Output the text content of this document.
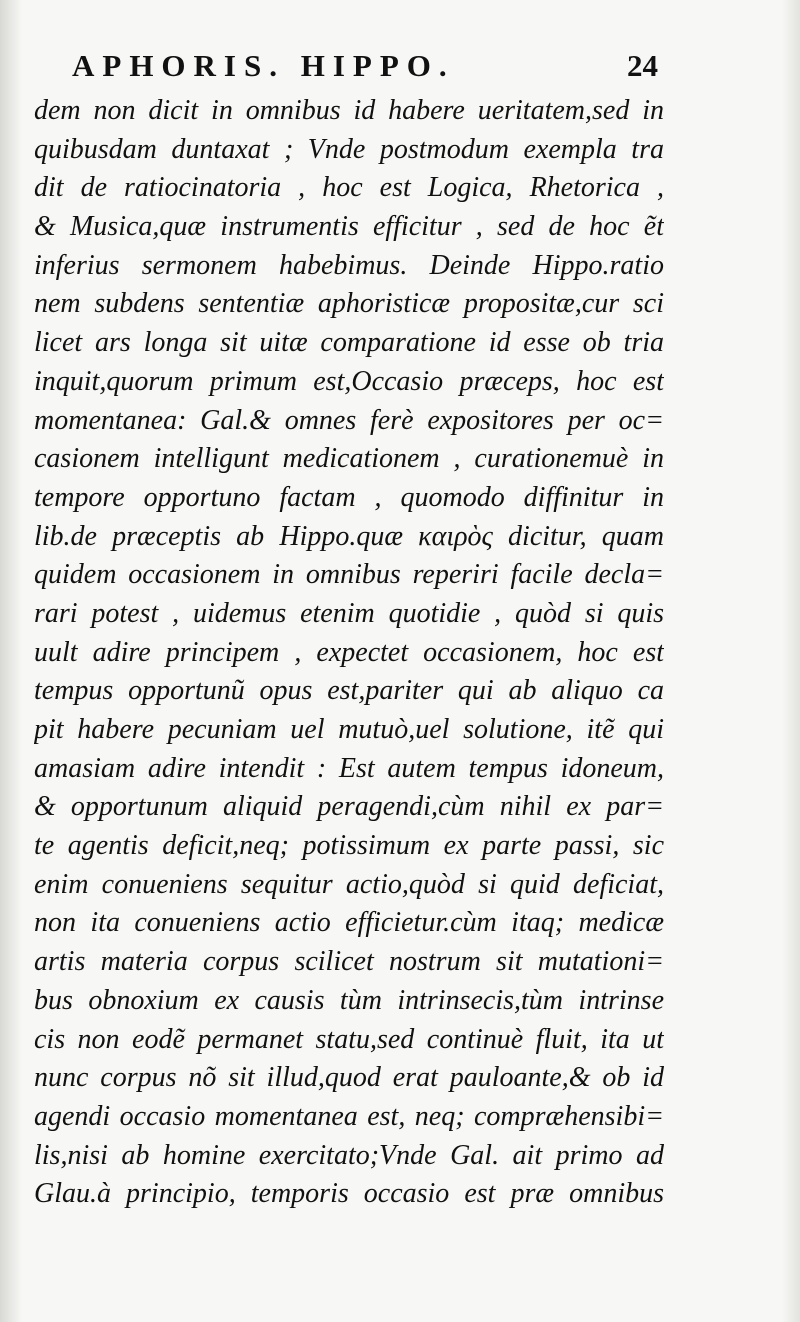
APHORIS. HIPPO.	24
dem non dicit in omnibus id habere ueritatem,sed in
quibusdam duntaxat ; Vnde postmodum exempla tra
dit de ratiocinatoria , hoc est Logica, Rhetorica ,
& Musica,quæ instrumentis efficitur , sed de hoc ẽt
inferius sermonem habebimus. Deinde Hippo.ratio
nem subdens sententiæ aphoristicæ propositæ,cur sci
licet ars longa sit uitæ comparatione id esse ob tria
inquit,quorum primum est,Occasio præceps, hoc est
momentanea: Gal.& omnes ferè expositores per oc=
casionem intelligunt medicationem , curationemuè in
tempore opportuno factam , quomodo diffinitur in
lib.de præceptis ab Hippo.quæ καιρὸς dicitur, quam
quidem occasionem in omnibus reperiri facile decla=
rari potest , uidemus etenim quotidie , quòd si quis
uult adire principem , expectet occasionem, hoc est
tempus opportunũ opus est,pariter qui ab aliquo ca
pit habere pecuniam uel mutuò,uel solutione, itẽ qui
amasiam adire intendit : Est autem tempus idoneum,
& opportunum aliquid peragendi,cùm nihil ex par=
te agentis deficit,neq; potissimum ex parte passi, sic
enim conueniens sequitur actio,quòd si quid deficiat,
non ita conueniens actio efficietur.cùm itaq; medicæ
artis materia corpus scilicet nostrum sit mutationi=
bus obnoxium ex causis tùm intrinsecis,tùm intrinse
cis non eodẽ permanet statu,sed continuè fluit, ita ut
nunc corpus nõ sit illud,quod erat pauloante,& ob id
agendi occasio momentanea est, neq; compræhensibi=
lis,nisi ab homine exercitato;Vnde Gal. ait primo ad
Glau.à principio, temporis occasio est præ omnibus
